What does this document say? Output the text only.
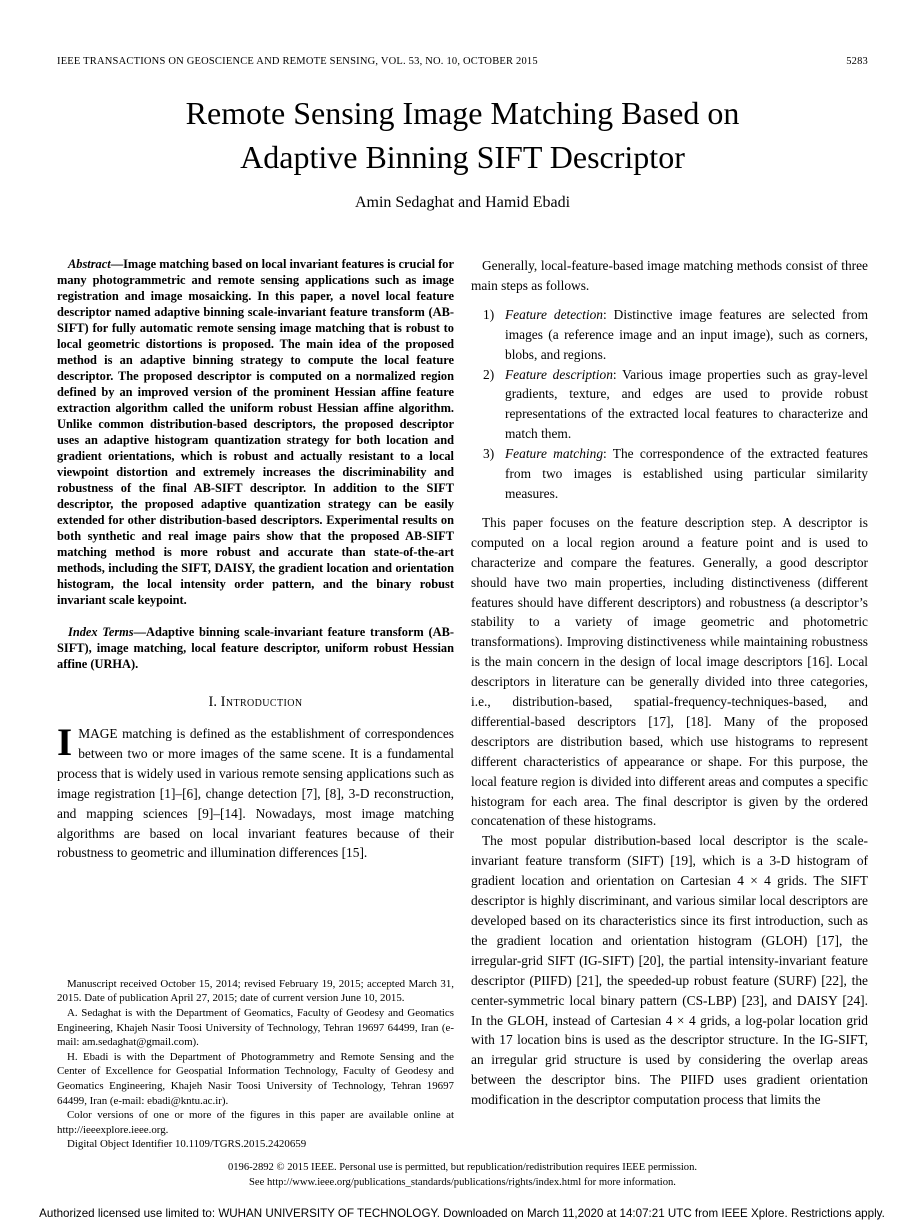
IEEE TRANSACTIONS ON GEOSCIENCE AND REMOTE SENSING, VOL. 53, NO. 10, OCTOBER 2015	5283
Remote Sensing Image Matching Based on
Adaptive Binning SIFT Descriptor
Amin Sedaghat and Hamid Ebadi

Abstract—Image matching based on local invariant features is crucial for many photogrammetric and remote sensing applications such as image registration and image mosaicking. In this paper, a novel local feature descriptor named adaptive binning scale-invariant feature transform (AB-SIFT) for fully automatic remote sensing image matching that is robust to local geometric distortions is proposed. The main idea of the proposed method is an adaptive binning strategy to compute the local feature descriptor. The proposed descriptor is computed on a normalized region defined by an improved version of the prominent Hessian affine feature extraction algorithm called the uniform robust Hessian affine algorithm. Unlike common distribution-based descriptors, the proposed descriptor uses an adaptive histogram quantization strategy for both location and gradient orientations, which is robust and actually resistant to a local viewpoint distortion and extremely increases the discriminability and robustness of the final AB-SIFT descriptor. In addition to the SIFT descriptor, the proposed adaptive quantization strategy can be easily extended for other distribution-based descriptors. Experimental results on both synthetic and real image pairs show that the proposed AB-SIFT matching method is more robust and accurate than state-of-the-art methods, including the SIFT, DAISY, the gradient location and orientation histogram, the local intensity order pattern, and the binary robust invariant scale keypoint.

Index Terms—Adaptive binning scale-invariant feature transform (AB-SIFT), image matching, local feature descriptor, uniform robust Hessian affine (URHA).

I. Introduction

IMAGE matching is defined as the establishment of correspondences between two or more images of the same scene. It is a fundamental process that is widely used in various remote sensing applications such as image registration [1]–[6], change detection [7], [8], 3-D reconstruction, and mapping sciences [9]–[14]. Nowadays, most image matching algorithms are based on local invariant features because of their robustness to geometric and illumination differences [15].

Manuscript received October 15, 2014; revised February 19, 2015; accepted March 31, 2015. Date of publication April 27, 2015; date of current version June 10, 2015.

A. Sedaghat is with the Department of Geomatics, Faculty of Geodesy and Geomatics Engineering, Khajeh Nasir Toosi University of Technology, Tehran 19697 64499, Iran (e-mail: am.sedaghat@gmail.com).

H. Ebadi is with the Department of Photogrammetry and Remote Sensing and the Center of Excellence for Geospatial Information Technology, Faculty of Geodesy and Geomatics Engineering, Khajeh Nasir Toosi University of Technology, Tehran 19697 64499, Iran (e-mail: ebadi@kntu.ac.ir).

Color versions of one or more of the figures in this paper are available online at http://ieeexplore.ieee.org.

Digital Object Identifier 10.1109/TGRS.2015.2420659

Generally, local-feature-based image matching methods consist of three main steps as follows.

1) Feature detection: Distinctive image features are selected from images (a reference image and an input image), such as corners, blobs, and regions.
2) Feature description: Various image properties such as gray-level gradients, texture, and edges are used to provide robust representations of the extracted local features to characterize and match them.
3) Feature matching: The correspondence of the extracted features from two images is established using particular similarity measures.

This paper focuses on the feature description step. A descriptor is computed on a local region around a feature point and is used to characterize and compare the features. Generally, a good descriptor should have two main properties, including distinctiveness (different features should have different descriptors) and robustness (a descriptor’s stability to a variety of image geometric and photometric transformations). Improving distinctiveness while maintaining robustness is the main concern in the design of local image descriptors [16]. Local descriptors in literature can be generally divided into three categories, i.e., distribution-based, spatial-frequency-techniques-based, and differential-based descriptors [17], [18]. Many of the proposed descriptors are distribution based, which use histograms to represent different characteristics of appearance or shape. For this purpose, the local feature region is divided into different areas and computes a specific histogram for each area. The final descriptor is given by the ordered concatenation of these histograms.

The most popular distribution-based local descriptor is the scale-invariant feature transform (SIFT) [19], which is a 3-D histogram of gradient location and orientation on Cartesian 4 × 4 grids. The SIFT descriptor is highly discriminant, and various similar local descriptors are developed based on its characteristics since its first introduction, such as the gradient location and orientation histogram (GLOH) [17], the irregular-grid SIFT (IG-SIFT) [20], the partial intensity-invariant feature descriptor (PIIFD) [21], the speeded-up robust feature (SURF) [22], the center-symmetric local binary pattern (CS-LBP) [23], and DAISY [24]. In the GLOH, instead of Cartesian 4 × 4 grids, a log-polar location grid with 17 location bins is used as the descriptor structure. In the IG-SIFT, an irregular grid structure is used by considering the overlap areas between the descriptor bins. The PIIFD uses gradient orientation modification in the descriptor computation process that limits the

0196-2892 © 2015 IEEE. Personal use is permitted, but republication/redistribution requires IEEE permission.
See http://www.ieee.org/publications_standards/publications/rights/index.html for more information.
Authorized licensed use limited to: WUHAN UNIVERSITY OF TECHNOLOGY. Downloaded on March 11,2020 at 14:07:21 UTC from IEEE Xplore. Restrictions apply.
